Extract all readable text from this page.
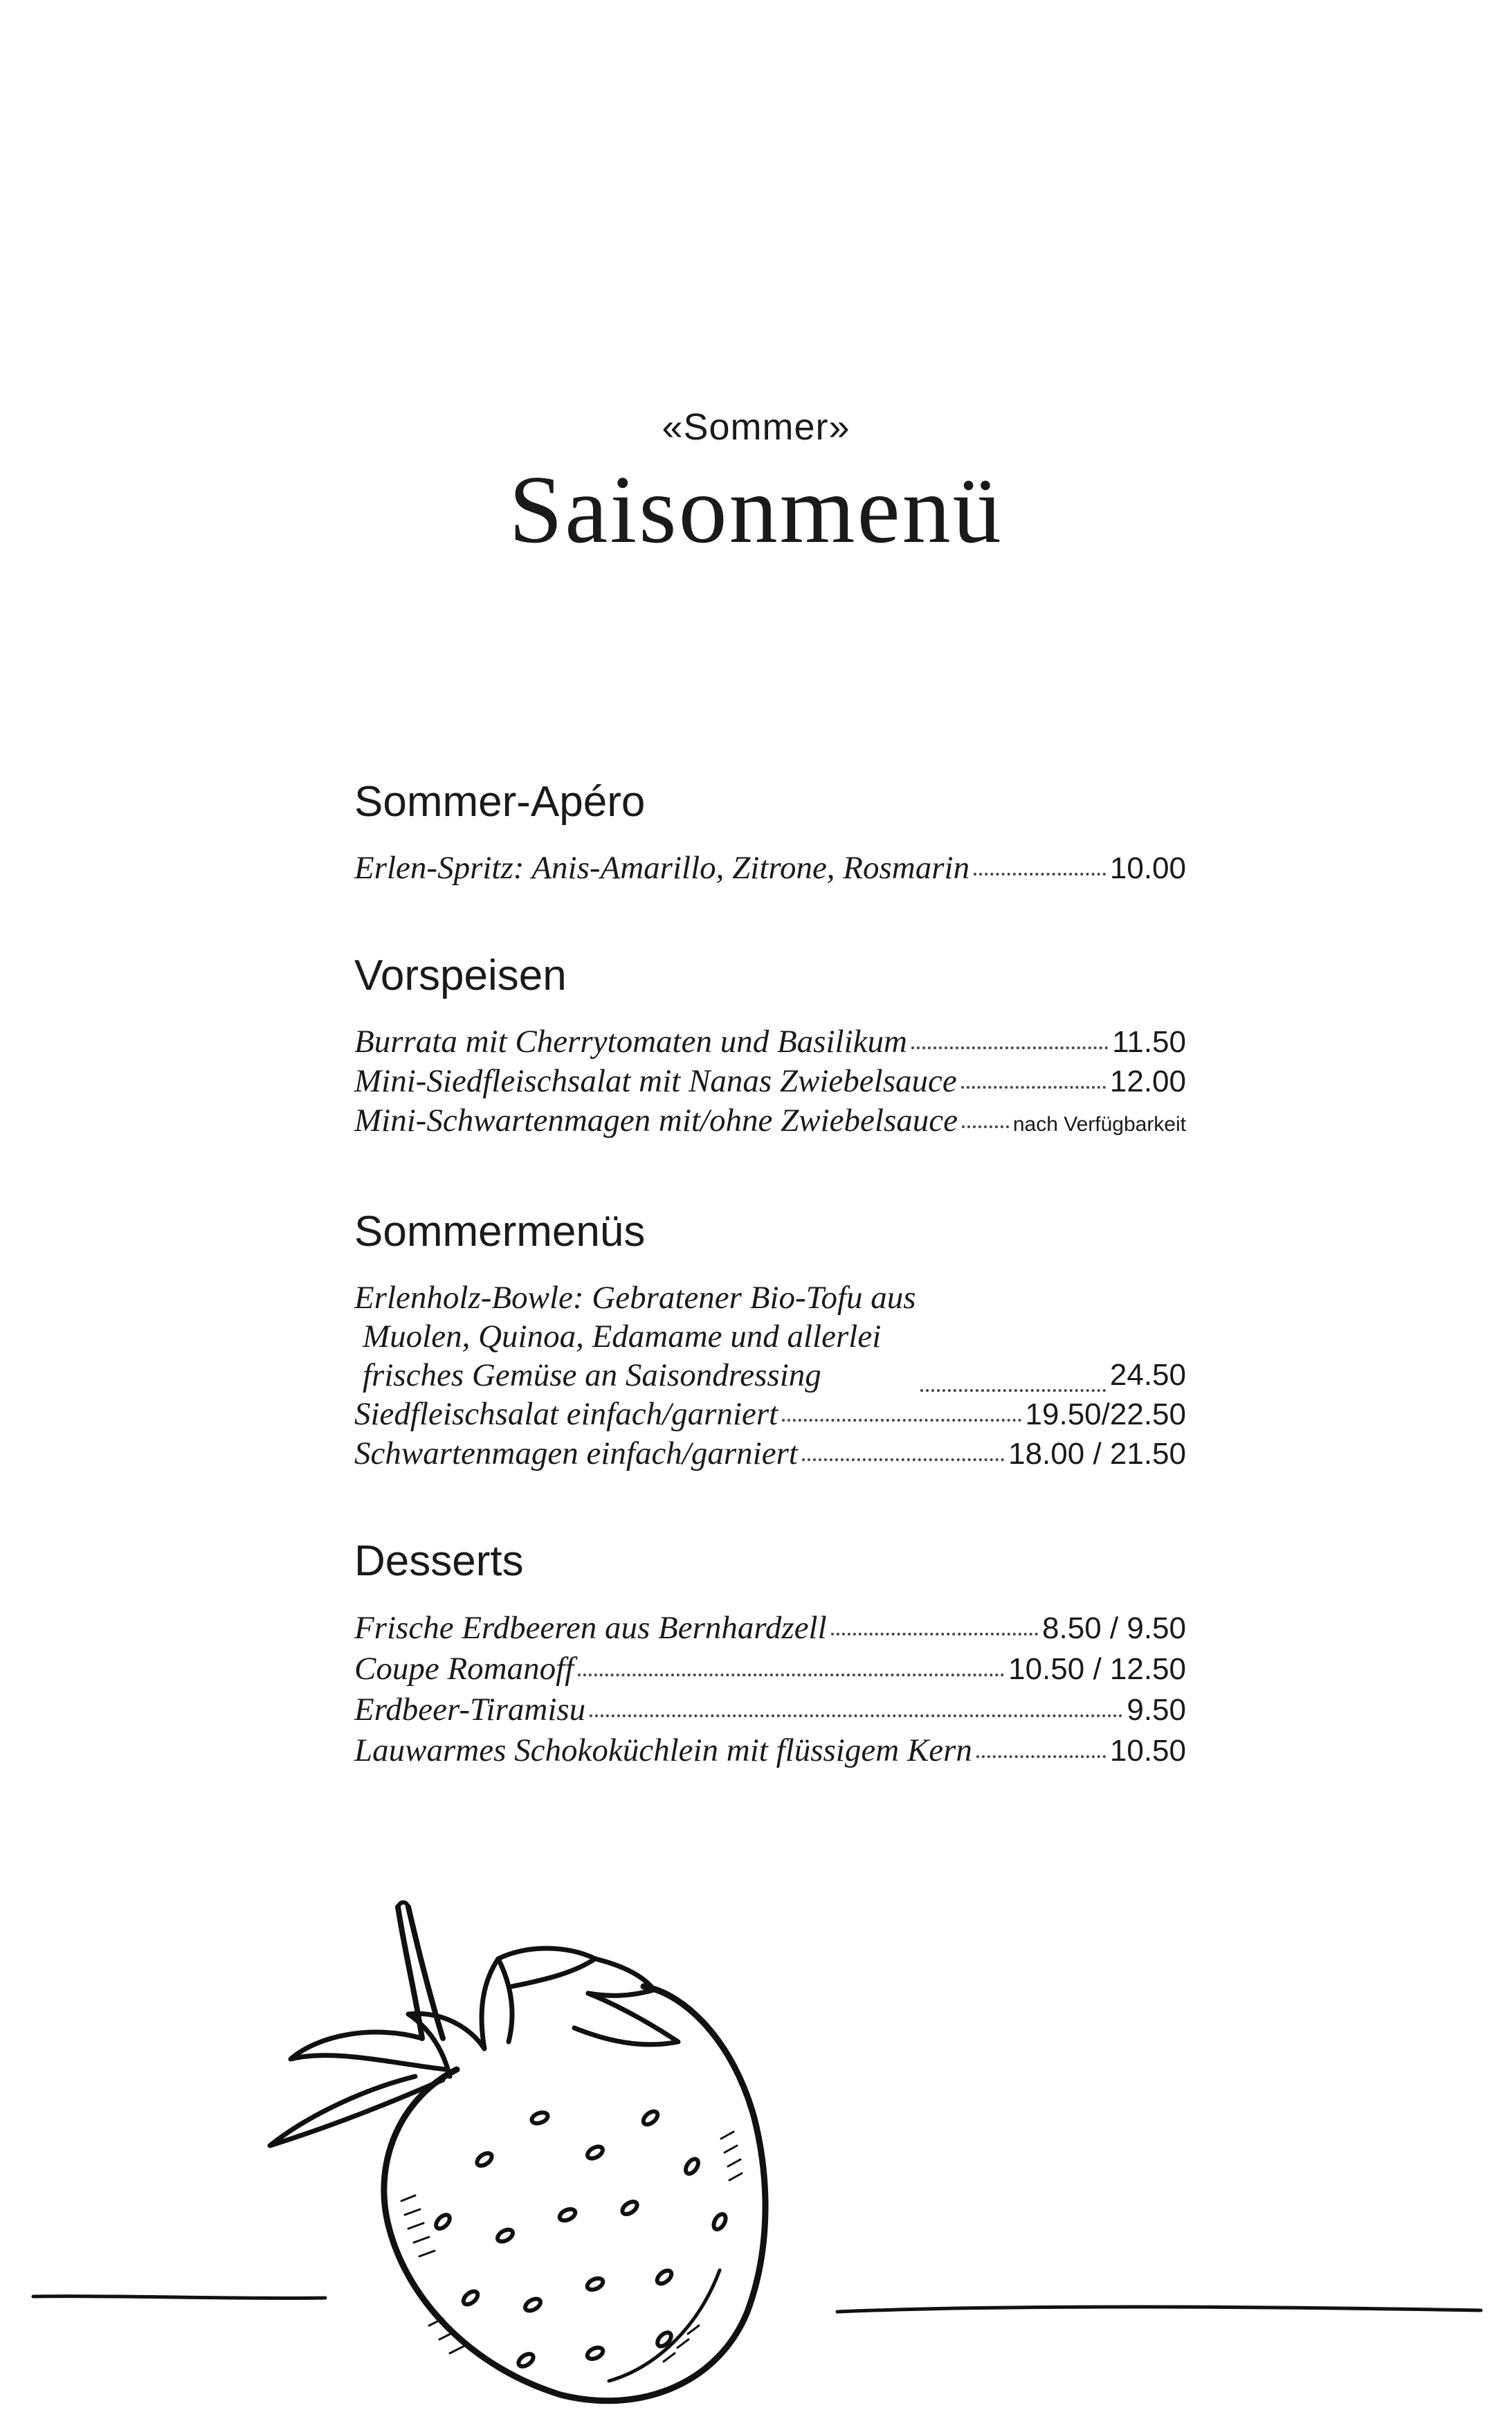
«Sommer»
Saisonmenü
Sommer-Apéro
Erlen-Spritz: Anis-Amarillo, Zitrone, Rosmarin	10.00
Vorspeisen
Burrata mit Cherrytomaten und Basilikum	11.50
Mini-Siedfleischsalat mit Nanas Zwiebelsauce	12.00
Mini-Schwartenmagen mit/ohne Zwiebelsauce	nach Verfügbarkeit
Sommermenüs
Erlenholz-Bowle: Gebratener Bio-Tofu aus
Muolen, Quinoa, Edamame und allerlei
frisches Gemüse an Saisondressing	24.50
Siedfleischsalat einfach/garniert	19.50/22.50
Schwartenmagen einfach/garniert	18.00 / 21.50
Desserts
Frische Erdbeeren aus Bernhardzell	8.50 / 9.50
Coupe Romanoff	10.50 / 12.50
Erdbeer-Tiramisu	9.50
Lauwarmes Schokoküchlein mit flüssigem Kern	10.50
